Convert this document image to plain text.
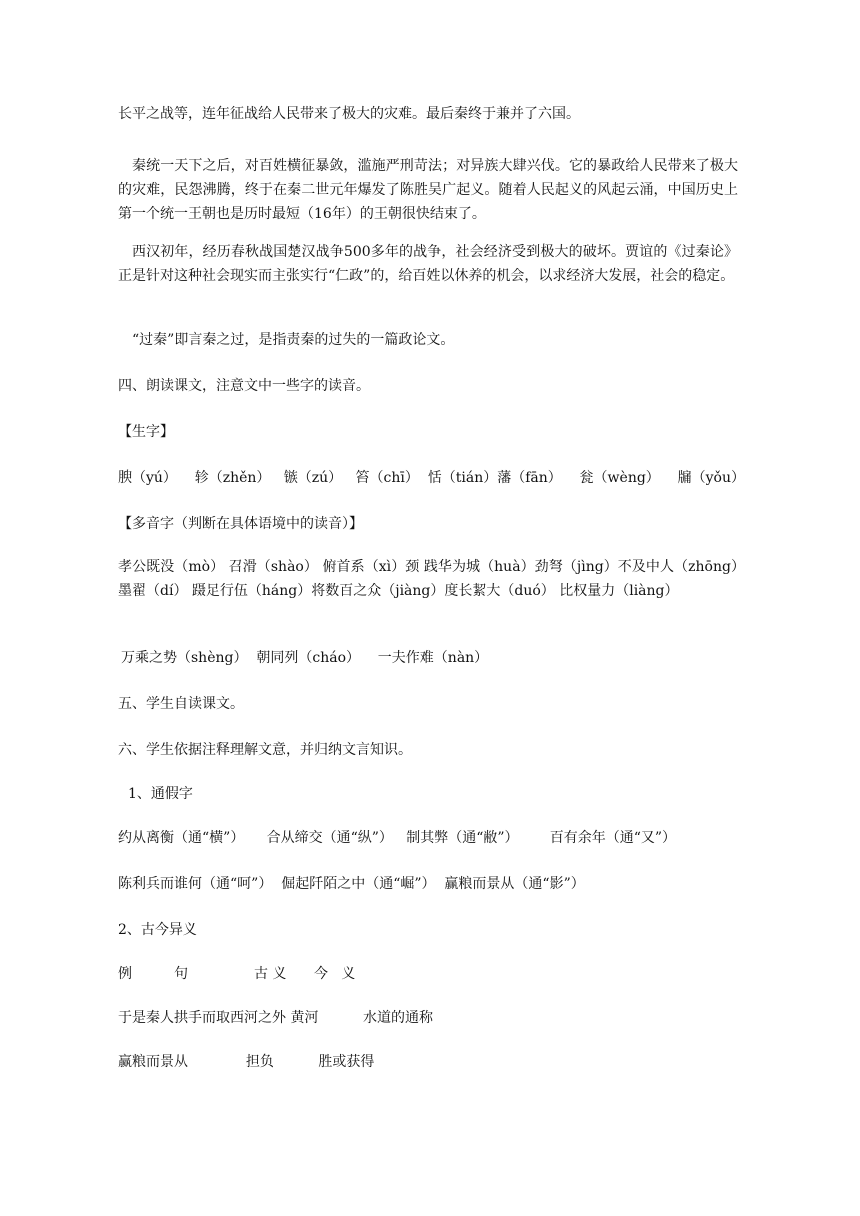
长平之战等，连年征战给人民带来了极大的灾难。最后秦终于兼并了六国。
秦统一天下之后，对百姓横征暴敛，滥施严刑苛法；对异族大肆兴伐。它的暴政给人民带来了极大的灾难，民怨沸腾，终于在秦二世元年爆发了陈胜吴广起义。随着人民起义的风起云涌，中国历史上第一个统一王朝也是历时最短（16年）的王朝很快结束了。
西汉初年，经历春秋战国楚汉战争500多年的战争，社会经济受到极大的破坏。贾谊的《过秦论》正是针对这种社会现实而主张实行“仁政”的，给百姓以休养的机会，以求经济大发展，社会的稳定。
“过秦”即言秦之过，是指责秦的过失的一篇政论文。
四、朗读课文，注意文中一些字的读音。
【生字】
腴（yú）    轸（zhěn）   镞（zú）   笞（chī）  恬（tián）藩（fān）    瓮（wèng）    牖（yǒu）
【多音字（判断在具体语境中的读音）】
孝公既没（mò） 召滑（shào） 俯首系（xì）颈 践华为城（huà）劲弩（jìng）不及中人（zhōng）墨翟（dí） 蹑足行伍（háng）将数百之众（jiàng）度长絜大（duó） 比权量力（liàng）
万乘之势（shèng）  朝同列（cháo）    一夫作难（nàn）
五、学生自读课文。
六、学生依据注释理解文意，并归纳文言知识。
1、通假字
约从离衡（通“横”）     合从缔交（通“纵”）   制其弊（通“敝”）       百有余年（通“又”）
陈利兵而谁何（通“呵”）  倔起阡陌之中（通“崛”）  赢粮而景从（通“影”）
2、古今异义
例	句	古 义 今   义
于是秦人拱手而取西河之外 黄河          水道的通称
赢粮而景从             担负          胜或获得
